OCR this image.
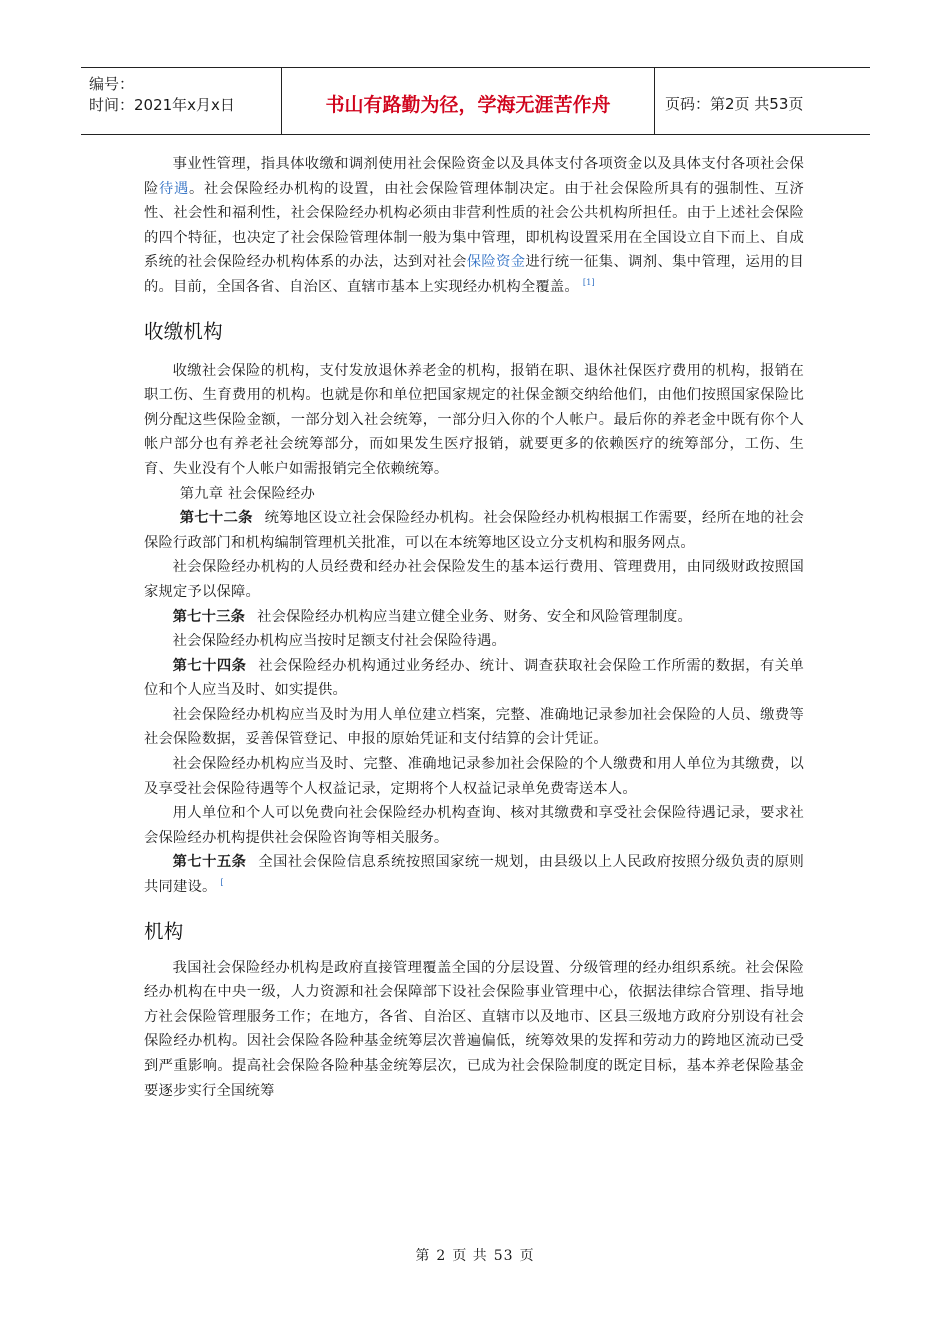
编号：
时间：2021年x月x日	书山有路勤为径，学海无涯苦作舟	页码：第2页 共53页

事业性管理，指具体收缴和调剂使用社会保险资金以及具体支付各项资金以及具体支付各项社会保险待遇。社会保险经办机构的设置，由社会保险管理体制决定。由于社会保险所具有的强制性、互济性、社会性和福利性，社会保险经办机构必须由非营利性质的社会公共机构所担任。由于上述社会保险的四个特征，也决定了社会保险管理体制一般为集中管理，即机构设置采用在全国设立自下而上、自成系统的社会保险经办机构体系的办法，达到对社会保险资金进行统一征集、调剂、集中管理，运用的目的。目前，全国各省、自治区、直辖市基本上实现经办机构全覆盖。 [1]

收缴机构

收缴社会保险的机构，支付发放退休养老金的机构，报销在职、退休社保医疗费用的机构，报销在职工伤、生育费用的机构。也就是你和单位把国家规定的社保金额交纳给他们，由他们按照国家保险比例分配这些保险金额，一部分划入社会统筹，一部分归入你的个人帐户。最后你的养老金中既有你个人帐户部分也有养老社会统筹部分，而如果发生医疗报销，就要更多的依赖医疗的统筹部分，工伤、生育、失业没有个人帐户如需报销完全依赖统筹。

第九章 社会保险经办

第七十二条 统筹地区设立社会保险经办机构。社会保险经办机构根据工作需要，经所在地的社会保险行政部门和机构编制管理机关批准，可以在本统筹地区设立分支机构和服务网点。

社会保险经办机构的人员经费和经办社会保险发生的基本运行费用、管理费用，由同级财政按照国家规定予以保障。

第七十三条 社会保险经办机构应当建立健全业务、财务、安全和风险管理制度。

社会保险经办机构应当按时足额支付社会保险待遇。

第七十四条 社会保险经办机构通过业务经办、统计、调查获取社会保险工作所需的数据，有关单位和个人应当及时、如实提供。

社会保险经办机构应当及时为用人单位建立档案，完整、准确地记录参加社会保险的人员、缴费等社会保险数据，妥善保管登记、申报的原始凭证和支付结算的会计凭证。

社会保险经办机构应当及时、完整、准确地记录参加社会保险的个人缴费和用人单位为其缴费，以及享受社会保险待遇等个人权益记录，定期将个人权益记录单免费寄送本人。

用人单位和个人可以免费向社会保险经办机构查询、核对其缴费和享受社会保险待遇记录，要求社会保险经办机构提供社会保险咨询等相关服务。

第七十五条 全国社会保险信息系统按照国家统一规划，由县级以上人民政府按照分级负责的原则共同建设。 [

机构

我国社会保险经办机构是政府直接管理覆盖全国的分层设置、分级管理的经办组织系统。社会保险经办机构在中央一级，人力资源和社会保障部下设社会保险事业管理中心，依据法律综合管理、指导地方社会保险管理服务工作；在地方，各省、自治区、直辖市以及地市、区县三级地方政府分别设有社会保险经办机构。因社会保险各险种基金统筹层次普遍偏低，统筹效果的发挥和劳动力的跨地区流动已受到严重影响。提高社会保险各险种基金统筹层次，已成为社会保险制度的既定目标，基本养老保险基金要逐步实行全国统筹

第 2 页 共 53 页
